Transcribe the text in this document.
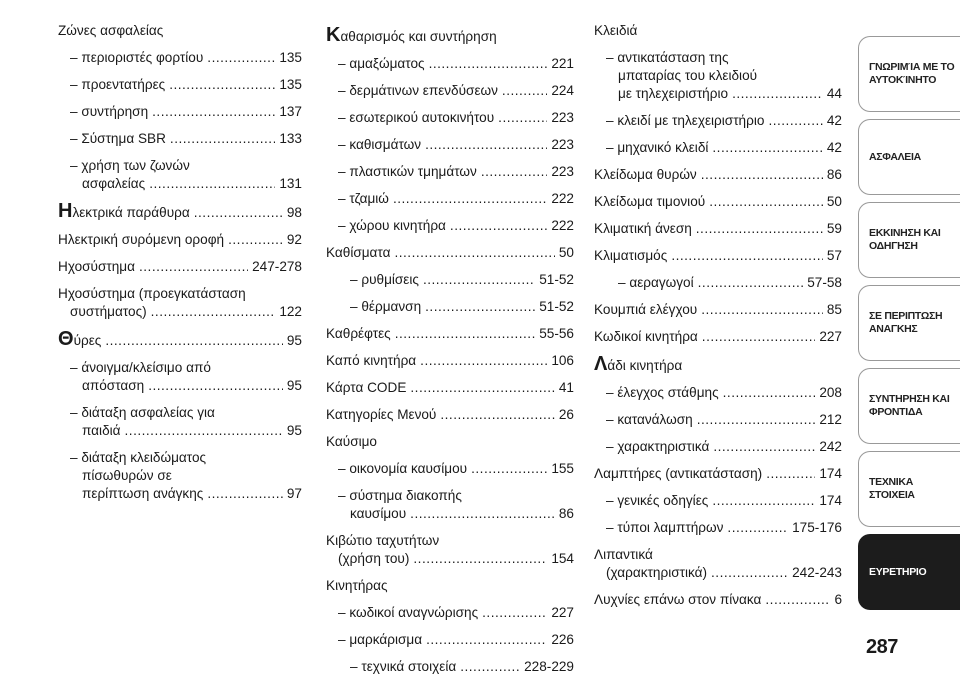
Ζώνες ασφαλείας
– περιοριστές φορτίου .....	135
– προεντατήρες .....	135
– συντήρηση .....	137
– Σύστημα SBR .....	133
– χρήση των ζωνών
ασφαλείας .....	131
Ηλεκτρικά παράθυρα .....	98
Ηλεκτρική συρόμενη οροφή .....	92
Ηχοσύστημα .....	247-278
Ηχοσύστημα (προεγκατάσταση
συστήματος) .....	122
Θύρες .....	95
– άνοιγμα/κλείσιμο από
απόσταση .....	95
– διάταξη ασφαλείας για
παιδιά .....	95
– διάταξη κλειδώματος
πίσωθυρών σε
περίπτωση ανάγκης .....	97
Καθαρισμός και συντήρηση
– αμαξώματος .....	221
– δερμάτινων επενδύσεων .....	224
– εσωτερικού αυτοκινήτου .....	223
– καθισμάτων .....	223
– πλαστικών τμημάτων .....	223
– τζαμιώ .....	222
– χώρου κινητήρα .....	222
Καθίσματα .....	50
– ρυθμίσεις .....	51-52
– θέρμανση .....	51-52
Καθρέφτες .....	55-56
Καπό κινητήρα .....	106
Κάρτα CODE .....	41
Κατηγορίες Μενού .....	26
Καύσιμο
– οικονομία καυσίμου .....	155
– σύστημα διακοπής
καυσίμου .....	86
Κιβώτιο ταχυτήτων
(χρήση του) .....	154
Κινητήρας
– κωδικοί αναγνώρισης .....	227
– μαρκάρισμα .....	226
– τεχνικά στοιχεία .....	228-229
Κλειδιά
– αντικατάσταση της
μπαταρίας του κλειδιού
με τηλεχειριστήριο .....	44
– κλειδί με τηλεχειριστήριο .....	42
– μηχανικό κλειδί .....	42
Κλείδωμα θυρών .....	86
Κλείδωμα τιμονιού .....	50
Κλιματική άνεση .....	59
Κλιματισμός .....	57
– αεραγωγοί .....	57-58
Κουμπιά ελέγχου .....	85
Κωδικοί κινητήρα .....	227
Λάδι κινητήρα
– έλεγχος στάθμης .....	208
– κατανάλωση .....	212
– χαρακτηριστικά .....	242
Λαμπτήρες (αντικατάσταση) .....	174
– γενικές οδηγίες .....	174
– τύποι λαμπτήρων .....	175-176
Λιπαντικά
(χαρακτηριστικά) .....	242-243
Λυχνίες επάνω στον πίνακα .....	6
ΓΝΩΡΙΜΊΑ ΜΕ ΤΟ ΑΥΤΟΚΊΝΗΤΟ
ΑΣΦΑΛΕΙΑ
ΕΚΚΙΝΗΣΗ ΚΑΙ ΟΔΗΓΗΣΗ
ΣΕ ΠΕΡΙΠΤΩΣΗ ΑΝΑΓΚΗΣ
ΣΥΝΤΗΡΗΣΗ ΚΑΙ ΦΡΟΝΤΙΔΑ
ΤΕΧΝΙΚΑ ΣΤΟΙΧΕΙΑ
ΕΥΡΕΤΗΡΙΟ
287
